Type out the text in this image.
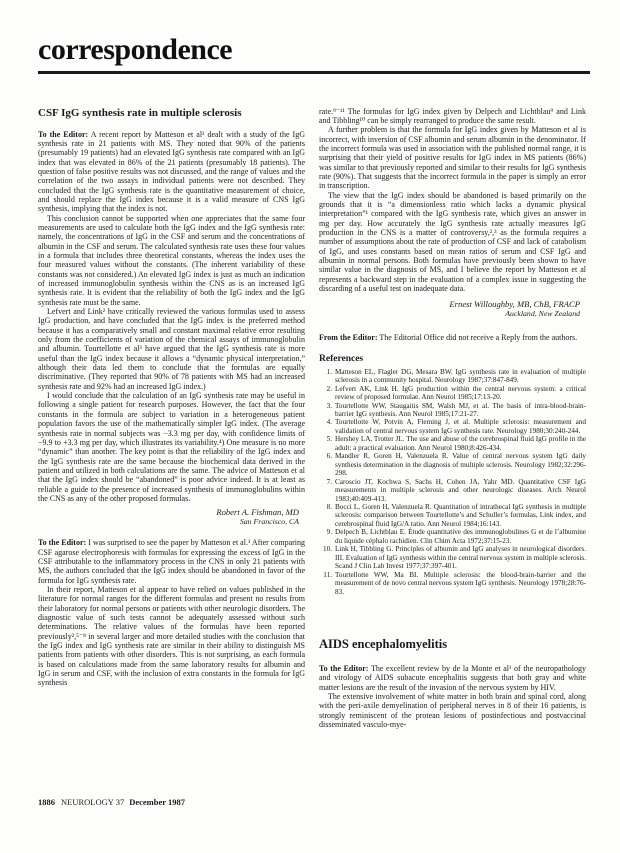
correspondence
CSF IgG synthesis rate in multiple sclerosis

To the Editor: A recent report by Matteson et al¹ dealt with a study of the IgG synthesis rate in 21 patients with MS. They noted that 90% of the patients (presumably 19 patients) had an elevated IgG synthesis rate compared with an IgG index that was elevated in 86% of the 21 patients (presumably 18 patients). The question of false positive results was not discussed, and the range of values and the correlation of the two assays in individual patients were not described. They concluded that the IgG synthesis rate is the quantitative measurement of choice, and should replace the IgG index because it is a valid measure of CNS IgG synthesis, implying that the index is not.

This conclusion cannot be supported when one appreciates that the same four measurements are used to calculate both the IgG index and the IgG synthesis rate: namely, the concentrations of IgG in the CSF and serum and the concentrations of albumin in the CSF and serum. The calculated synthesis rate uses these four values in a formula that includes three theoretical constants, whereas the index uses the four measured values without the constants. (The inherent variability of these constants was not considered.) An elevated IgG index is just as much an indication of increased immunoglobulin synthesis within the CNS as is an increased IgG synthesis rate. It is evident that the reliability of both the IgG index and the IgG synthesis rate must be the same.

Lefvert and Link² have critically reviewed the various formulas used to assess IgG production, and have concluded that the IgG index is the preferred method because it has a comparatively small and constant maximal relative error resulting only from the coefficients of variation of the chemical assays of immunoglobulin and albumin. Tourtellotte et al³ have argued that the IgG synthesis rate is more useful than the IgG index because it allows a “dynamic physical interpretation,” although their data led them to conclude that the formulas are equally discriminative. (They reported that 90% of 78 patients with MS had an increased synthesis rate and 92% had an increased IgG index.)

I would conclude that the calculation of an IgG synthesis rate may be useful in following a single patient for research purposes. However, the fact that the four constants in the formula are subject to variation in a heterogeneous patient population favors the use of the mathematically simpler IgG index. (The average synthesis rate in normal subjects was −3.3 mg per day, with confidence limits of −9.9 to +3.3 mg per day, which illustrates its variability.⁴) One measure is no more “dynamic” than another. The key point is that the reliability of the IgG index and the IgG synthesis rate are the same because the biochemical data derived in the patient and utilized in both calculations are the same. The advice of Matteson et al that the IgG index should be “abandoned” is poor advice indeed. It is at least as reliable a guide to the presence of increased synthesis of immunoglobulins within the CNS as any of the other proposed formulas.

Robert A. Fishman, MD
San Francisco, CA

To the Editor: I was surprised to see the paper by Matteson et al.¹ After comparing CSF agarose electrophoresis with formulas for expressing the excess of IgG in the CSF attributable to the inflammatory process in the CNS in only 21 patients with MS, the authors concluded that the IgG index should be abandoned in favor of the formula for IgG synthesis rate.

In their report, Matteson et al appear to have relied on values published in the literature for normal ranges for the different formulas and present no results from their laboratory for normal persons or patients with other neurologic disorders. The diagnostic value of such tests cannot be adequately assessed without such determinations. The relative values of the formulas have been reported previously²,⁵⁻⁸ in several larger and more detailed studies with the conclusion that the IgG index and IgG synthesis rate are similar in their ability to distinguish MS patients from patients with other disorders. This is not surprising, as each formula is based on calculations made from the same laboratory results for albumin and IgG in serum and CSF, with the inclusion of extra constants in the formula for IgG synthesis

1886 NEUROLOGY 37 December 1987

rate.⁹⁻¹¹ The formulas for IgG index given by Delpech and Lichtblau⁹ and Link and Tibbling¹⁰ can be simply rearranged to produce the same result.

A further problem is that the formula for IgG index given by Matteson et al is incorrect, with inversion of CSF albumin and serum albumin in the denominator. If the incorrect formula was used in association with the published normal range, it is surprising that their yield of positive results for IgG index in MS patients (86%) was similar to that previously reported and similar to their results for IgG synthesis rate (90%). That suggests that the incorrect formula in the paper is simply an error in transcription.

The view that the IgG index should be abandoned is based primarily on the grounds that it is “a dimensionless ratio which lacks a dynamic physical interpretation”¹ compared with the IgG synthesis rate, which gives an answer in mg per day. How accurately the IgG synthesis rate actually measures IgG production in the CNS is a matter of controversy,²,³ as the formula requires a number of assumptions about the rate of production of CSF and lack of catabolism of IgG, and uses constants based on mean ratios of serum and CSF IgG and albumin in normal persons. Both formulas have previously been shown to have similar value in the diagnosis of MS, and I believe the report by Matteson et al represents a backward step in the evaluation of a complex issue in suggesting the discarding of a useful test on inadequate data.

Ernest Willoughby, MB, ChB, FRACP
Auckland, New Zealand

From the Editor: The Editorial Office did not receive a Reply from the authors.

References
1. Matteson EL, Flagler DG, Mesara BW. IgG synthesis rate in evaluation of multiple sclerosis in a community hospital. Neurology 1987;37:847-849.
2. Lefvert AK, Link H. IgG production within the central nervous system: a critical review of proposed formulae. Ann Neurol 1985;17:13-20.
3. Tourtellotte WW, Staugaitis SM, Walsh MJ, et al. The basis of intra-blood-brain-barrier IgG synthesis. Ann Neurol 1985;17:21-27.
4. Tourtellotte W, Potvin A, Fleming J, et al. Multiple sclerosis: measurement and validation of central nervous system IgG synthesis rate. Neurology 1980;30:240-244.
5. Hershey LA, Trotter JL. The use and abuse of the cerebrospinal fluid IgG profile in the adult: a practical evaluation. Ann Neurol 1980;8:426-434.
6. Mandler R, Goren H, Valenzuela R. Value of central nervous system IgG daily synthesis determination in the diagnosis of multiple sclerosis. Neurology 1982;32:296-298.
7. Caroscio JT, Kochwa S, Sachs H, Cohen JA, Yahr MD. Quantitative CSF IgG measurements in multiple sclerosis and other neurologic diseases. Arch Neurol 1983;40:409-413.
8. Bocci L, Goren H, Valenzuela R. Quantitation of intrathecal IgG synthesis in multiple sclerosis: comparison between Tourtellotte’s and Schuller’s formulas, Link index, and cerebrospinal fluid IgG/A ratio. Ann Neurol 1984;16:143.
9. Delpech B, Lichtblau E. Étude quantitative des immunoglobulines G et de l’albumine du liquide céphalo rachidien. Clin Chim Acta 1972;37:15-23.
10. Link H, Tibbling G. Principles of albumin and IgG analyses in neurological disorders. III. Evaluation of IgG synthesis within the central nervous system in multiple sclerosis. Scand J Clin Lab Invest 1977;37:397-401.
11. Tourtellotte WW, Ma BI. Multiple sclerosis: the blood-brain-barrier and the measurement of de novo central nervous system IgG synthesis. Neurology 1978;28:76-83.
AIDS encephalomyelitis

To the Editor: The excellent review by de la Monte et al¹ of the neuropathology and virology of AIDS subacute encephalitis suggests that both gray and white matter lesions are the result of the invasion of the nervous system by HIV.

The extensive involvement of white matter in both brain and spinal cord, along with the peri-axile demyelination of peripheral nerves in 8 of their 16 patients, is strongly reminiscent of the protean lesions of postinfectious and postvaccinal disseminated vasculo-mye-
